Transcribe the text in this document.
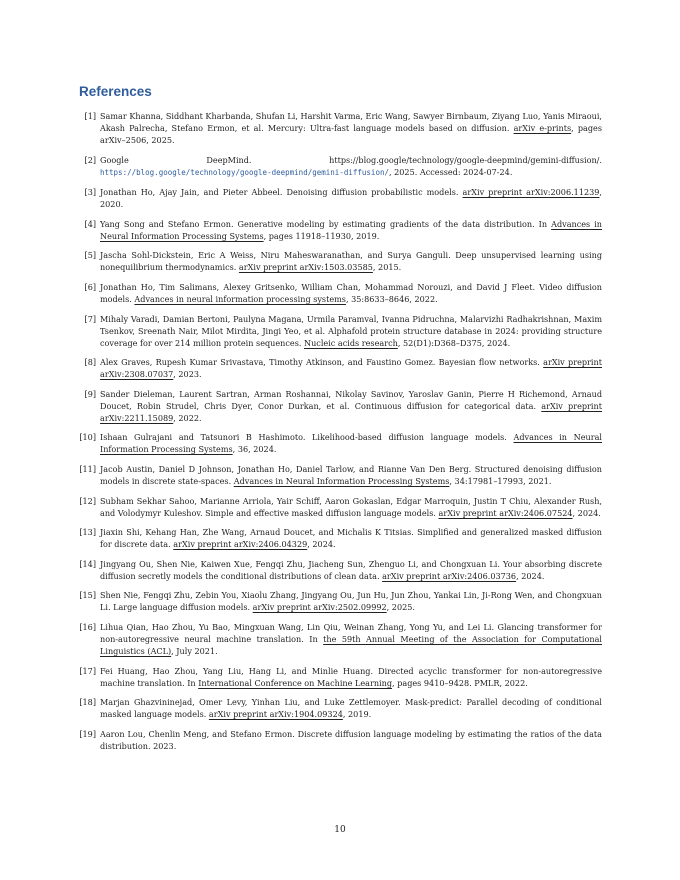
References
[1] Samar Khanna, Siddhant Kharbanda, Shufan Li, Harshit Varma, Eric Wang, Sawyer Birnbaum, Ziyang Luo, Yanis Miraoui, Akash Palrecha, Stefano Ermon, et al. Mercury: Ultra-fast language models based on diffusion. arXiv e-prints, pages arXiv–2506, 2025.
[2] Google DeepMind. https://blog.google/technology/google-deepmind/gemini-diffusion/. https://blog.google/technology/google-deepmind/gemini-diffusion/, 2025. Accessed: 2024-07-24.
[3] Jonathan Ho, Ajay Jain, and Pieter Abbeel. Denoising diffusion probabilistic models. arXiv preprint arXiv:2006.11239, 2020.
[4] Yang Song and Stefano Ermon. Generative modeling by estimating gradients of the data distribution. In Advances in Neural Information Processing Systems, pages 11918–11930, 2019.
[5] Jascha Sohl-Dickstein, Eric A Weiss, Niru Maheswaranathan, and Surya Ganguli. Deep unsupervised learning using nonequilibrium thermodynamics. arXiv preprint arXiv:1503.03585, 2015.
[6] Jonathan Ho, Tim Salimans, Alexey Gritsenko, William Chan, Mohammad Norouzi, and David J Fleet. Video diffusion models. Advances in neural information processing systems, 35:8633–8646, 2022.
[7] Mihaly Varadi, Damian Bertoni, Paulyna Magana, Urmila Paramval, Ivanna Pidruchna, Malarvizhi Radhakrishnan, Maxim Tsenkov, Sreenath Nair, Milot Mirdita, Jingi Yeo, et al. Alphafold protein structure database in 2024: providing structure coverage for over 214 million protein sequences. Nucleic acids research, 52(D1):D368–D375, 2024.
[8] Alex Graves, Rupesh Kumar Srivastava, Timothy Atkinson, and Faustino Gomez. Bayesian flow networks. arXiv preprint arXiv:2308.07037, 2023.
[9] Sander Dieleman, Laurent Sartran, Arman Roshannai, Nikolay Savinov, Yaroslav Ganin, Pierre H Richemond, Arnaud Doucet, Robin Strudel, Chris Dyer, Conor Durkan, et al. Continuous diffusion for categorical data. arXiv preprint arXiv:2211.15089, 2022.
[10] Ishaan Gulrajani and Tatsunori B Hashimoto. Likelihood-based diffusion language models. Advances in Neural Information Processing Systems, 36, 2024.
[11] Jacob Austin, Daniel D Johnson, Jonathan Ho, Daniel Tarlow, and Rianne Van Den Berg. Structured denoising diffusion models in discrete state-spaces. Advances in Neural Information Processing Systems, 34:17981–17993, 2021.
[12] Subham Sekhar Sahoo, Marianne Arriola, Yair Schiff, Aaron Gokaslan, Edgar Marroquin, Justin T Chiu, Alexander Rush, and Volodymyr Kuleshov. Simple and effective masked diffusion language models. arXiv preprint arXiv:2406.07524, 2024.
[13] Jiaxin Shi, Kehang Han, Zhe Wang, Arnaud Doucet, and Michalis K Titsias. Simplified and generalized masked diffusion for discrete data. arXiv preprint arXiv:2406.04329, 2024.
[14] Jingyang Ou, Shen Nie, Kaiwen Xue, Fengqi Zhu, Jiacheng Sun, Zhenguo Li, and Chongxuan Li. Your absorbing discrete diffusion secretly models the conditional distributions of clean data. arXiv preprint arXiv:2406.03736, 2024.
[15] Shen Nie, Fengqi Zhu, Zebin You, Xiaolu Zhang, Jingyang Ou, Jun Hu, Jun Zhou, Yankai Lin, Ji-Rong Wen, and Chongxuan Li. Large language diffusion models. arXiv preprint arXiv:2502.09992, 2025.
[16] Lihua Qian, Hao Zhou, Yu Bao, Mingxuan Wang, Lin Qiu, Weinan Zhang, Yong Yu, and Lei Li. Glancing transformer for non-autoregressive neural machine translation. In the 59th Annual Meeting of the Association for Computational Linguistics (ACL), July 2021.
[17] Fei Huang, Hao Zhou, Yang Liu, Hang Li, and Minlie Huang. Directed acyclic transformer for non-autoregressive machine translation. In International Conference on Machine Learning, pages 9410–9428. PMLR, 2022.
[18] Marjan Ghazvininejad, Omer Levy, Yinhan Liu, and Luke Zettlemoyer. Mask-predict: Parallel decoding of conditional masked language models. arXiv preprint arXiv:1904.09324, 2019.
[19] Aaron Lou, Chenlin Meng, and Stefano Ermon. Discrete diffusion language modeling by estimating the ratios of the data distribution. 2023.
10
